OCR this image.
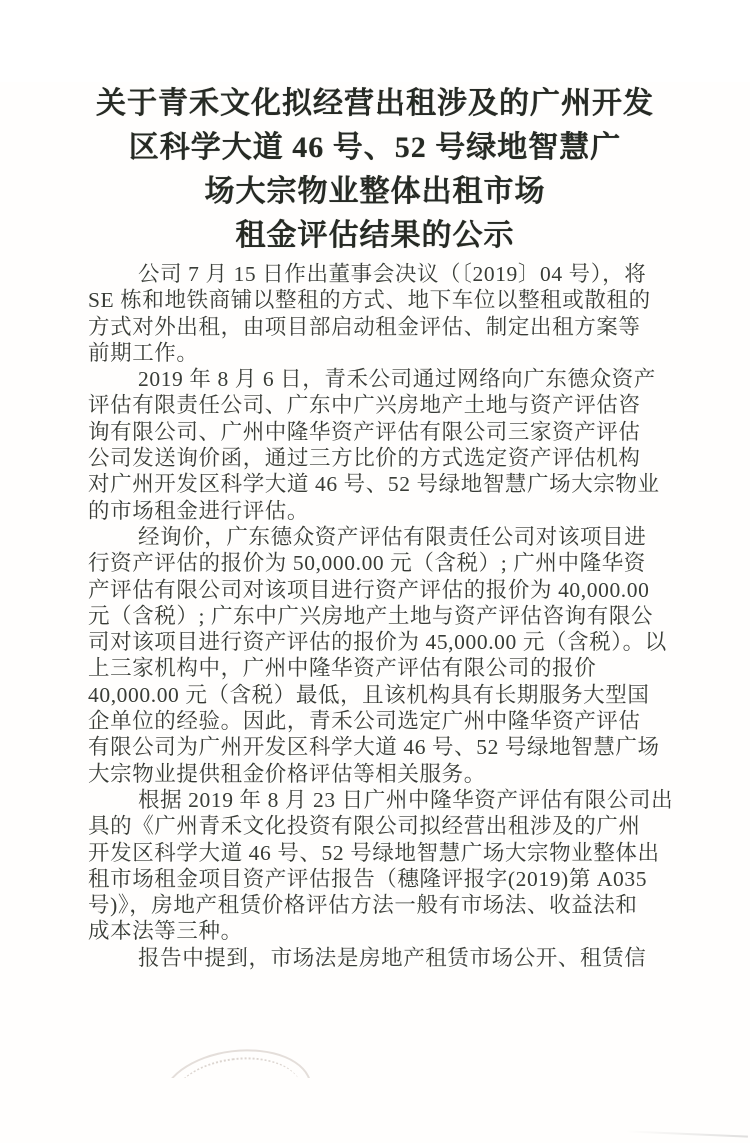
关于青禾文化拟经营出租涉及的广州开发
区科学大道 46 号、52 号绿地智慧广
场大宗物业整体出租市场
租金评估结果的公示
公司 7 月 15 日作出董事会决议（〔2019〕04 号），将
SE 栋和地铁商铺以整租的方式、地下车位以整租或散租的
方式对外出租，由项目部启动租金评估、制定出租方案等
前期工作。
2019 年 8 月 6 日，青禾公司通过网络向广东德众资产
评估有限责任公司、广东中广兴房地产土地与资产评估咨
询有限公司、广州中隆华资产评估有限公司三家资产评估
公司发送询价函，通过三方比价的方式选定资产评估机构
对广州开发区科学大道 46 号、52 号绿地智慧广场大宗物业
的市场租金进行评估。
经询价，广东德众资产评估有限责任公司对该项目进
行资产评估的报价为 50,000.00 元（含税）; 广州中隆华资
产评估有限公司对该项目进行资产评估的报价为 40,000.00
元（含税）; 广东中广兴房地产土地与资产评估咨询有限公
司对该项目进行资产评估的报价为 45,000.00 元（含税）。以
上三家机构中，广州中隆华资产评估有限公司的报价
40,000.00 元（含税）最低，且该机构具有长期服务大型国
企单位的经验。因此，青禾公司选定广州中隆华资产评估
有限公司为广州开发区科学大道 46 号、52 号绿地智慧广场
大宗物业提供租金价格评估等相关服务。
根据 2019 年 8 月 23 日广州中隆华资产评估有限公司出
具的《广州青禾文化投资有限公司拟经营出租涉及的广州
开发区科学大道 46 号、52 号绿地智慧广场大宗物业整体出
租市场租金项目资产评估报告（穗隆评报字(2019)第 A035
号)》，房地产租赁价格评估方法一般有市场法、收益法和
成本法等三种。
报告中提到，市场法是房地产租赁市场公开、租赁信
